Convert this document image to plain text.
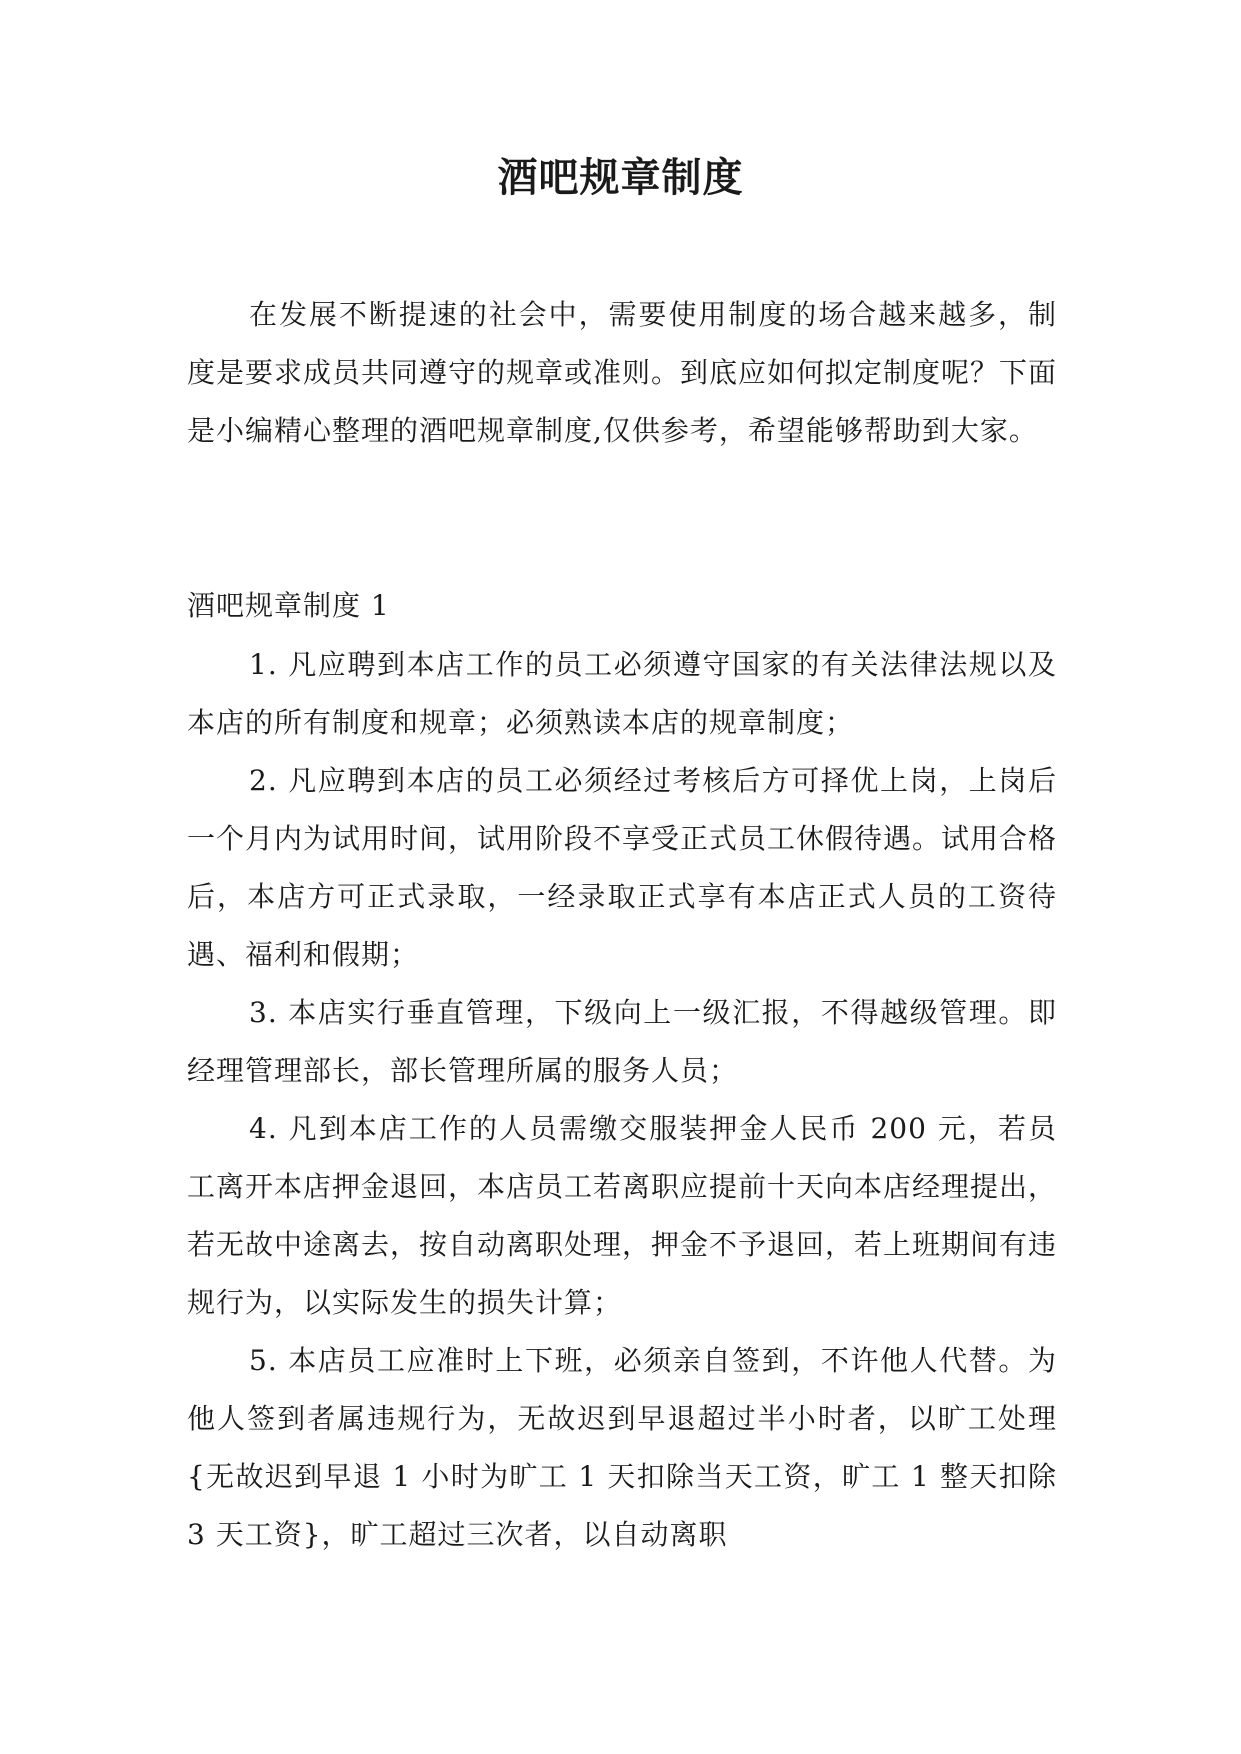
酒吧规章制度
在发展不断提速的社会中，需要使用制度的场合越来越多，制度是要求成员共同遵守的规章或准则。到底应如何拟定制度呢？下面是小编精心整理的酒吧规章制度,仅供参考，希望能够帮助到大家。
酒吧规章制度 1

1. 凡应聘到本店工作的员工必须遵守国家的有关法律法规以及本店的所有制度和规章；必须熟读本店的规章制度；

2. 凡应聘到本店的员工必须经过考核后方可择优上岗，上岗后一个月内为试用时间，试用阶段不享受正式员工休假待遇。试用合格后，本店方可正式录取，一经录取正式享有本店正式人员的工资待遇、福利和假期；

3. 本店实行垂直管理，下级向上一级汇报，不得越级管理。即经理管理部长，部长管理所属的服务人员；

4. 凡到本店工作的人员需缴交服装押金人民币 200 元，若员工离开本店押金退回，本店员工若离职应提前十天向本店经理提出，若无故中途离去，按自动离职处理，押金不予退回，若上班期间有违规行为，以实际发生的损失计算；

5. 本店员工应准时上下班，必须亲自签到，不许他人代替。为他人签到者属违规行为，无故迟到早退超过半小时者，以旷工处理{无故迟到早退 1 小时为旷工 1 天扣除当天工资，旷工 1 整天扣除 3 天工资}，旷工超过三次者，以自动离职
